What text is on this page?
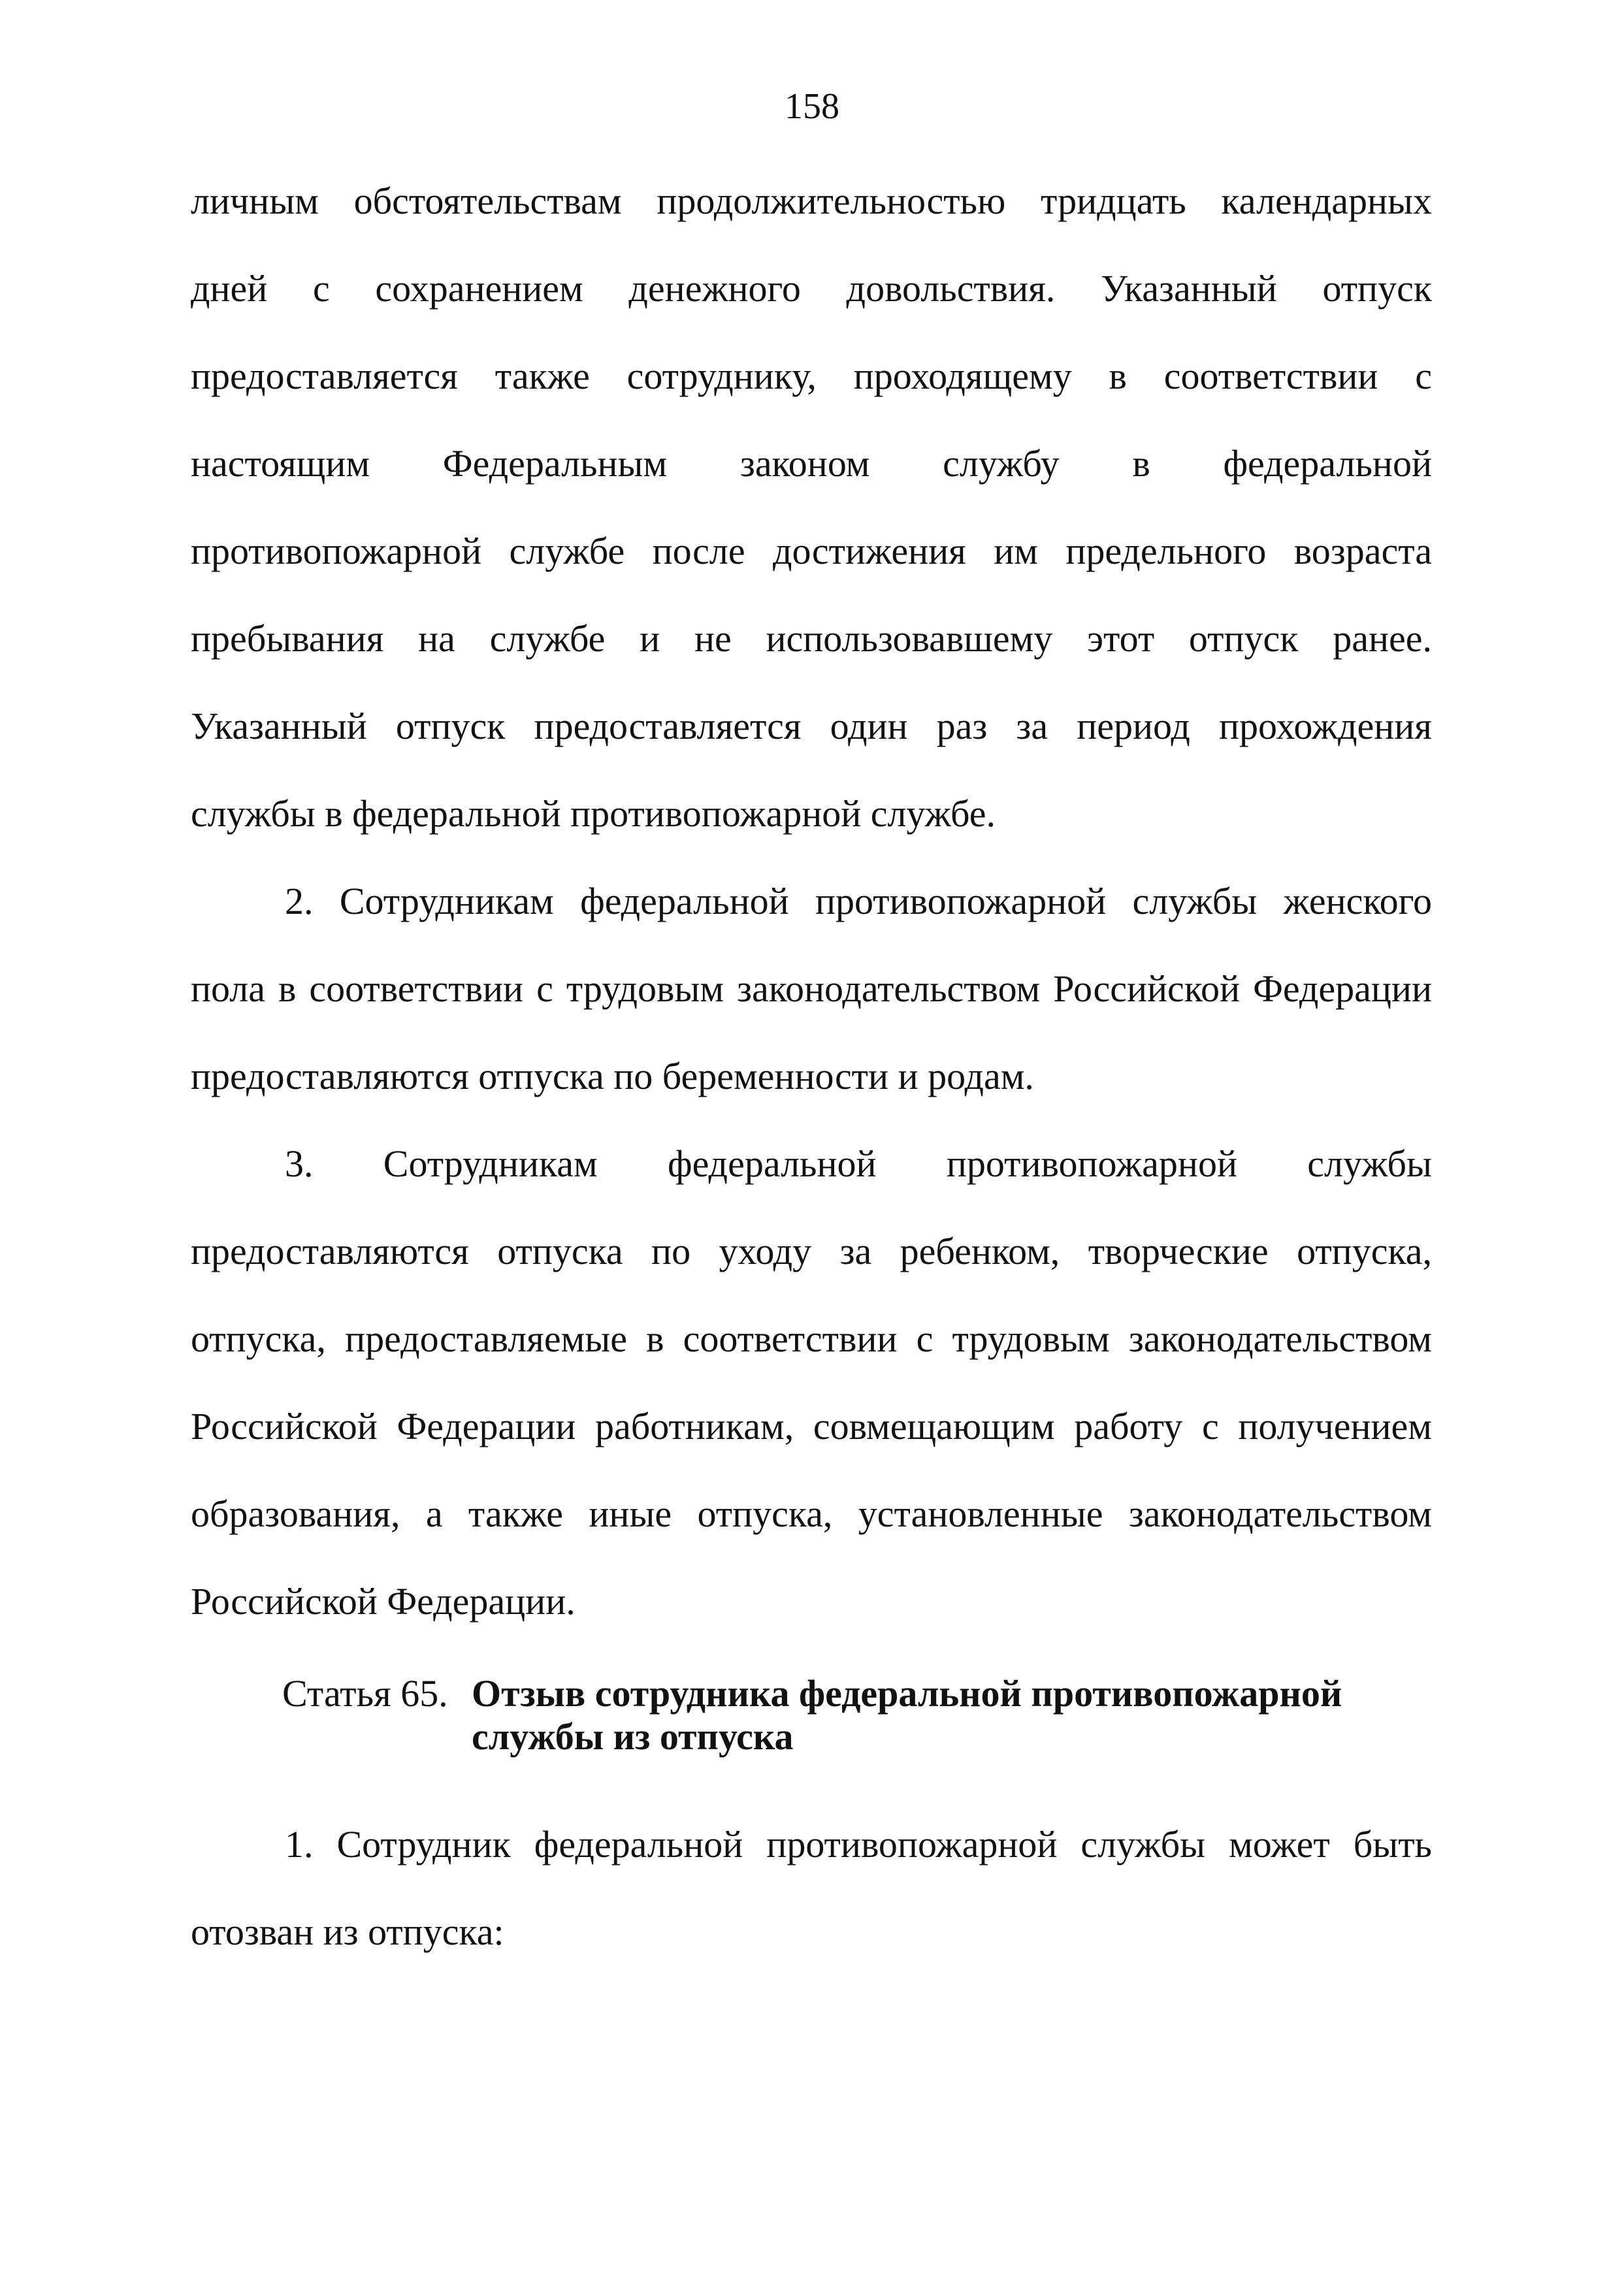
158
личным обстоятельствам продолжительностью тридцать календарных
дней с сохранением денежного довольствия. Указанный отпуск
предоставляется также сотруднику, проходящему в соответствии с
настоящим Федеральным законом службу в федеральной
противопожарной службе после достижения им предельного возраста
пребывания на службе и не использовавшему этот отпуск ранее.
Указанный отпуск предоставляется один раз за период прохождения
службы в федеральной противопожарной службе.
2. Сотрудникам федеральной противопожарной службы женского
пола в соответствии с трудовым законодательством Российской Федерации
предоставляются отпуска по беременности и родам.
3. Сотрудникам федеральной противопожарной службы
предоставляются отпуска по уходу за ребенком, творческие отпуска,
отпуска, предоставляемые в соответствии с трудовым законодательством
Российской Федерации работникам, совмещающим работу с получением
образования, а также иные отпуска, установленные законодательством
Российской Федерации.
Статья 65. Отзыв сотрудника федеральной противопожарной
службы из отпуска
1. Сотрудник федеральной противопожарной службы может быть
отозван из отпуска:
